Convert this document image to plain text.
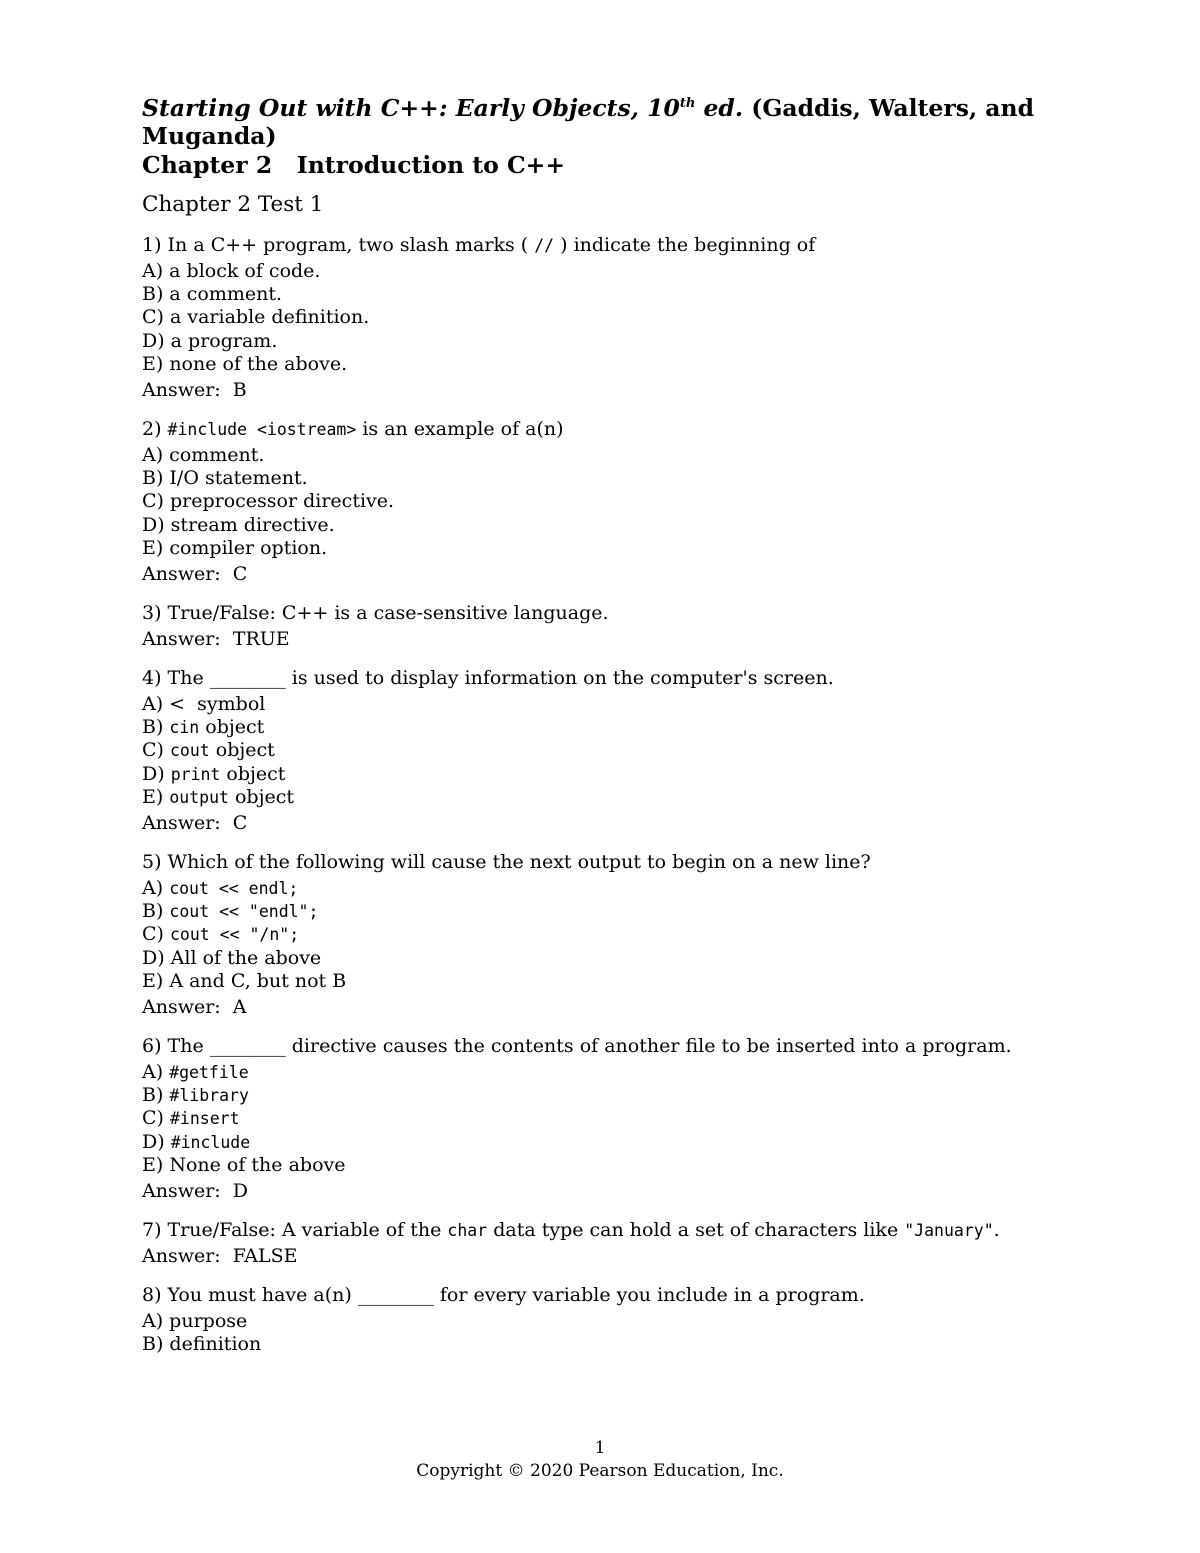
Starting Out with C++: Early Objects, 10th ed. (Gaddis, Walters, and Muganda)
Chapter 2   Introduction to C++
Chapter 2 Test 1
1) In a C++ program, two slash marks ( // ) indicate the beginning of
A) a block of code.
B) a comment.
C) a variable definition.
D) a program.
E) none of the above.
Answer:  B
2) #include <iostream> is an example of a(n)
A) comment.
B) I/O statement.
C) preprocessor directive.
D) stream directive.
E) compiler option.
Answer:  C
3) True/False: C++ is a case-sensitive language.
Answer:  TRUE
4) The ________ is used to display information on the computer's screen.
A) <  symbol
B) cin object
C) cout object
D) print object
E) output object
Answer:  C
5) Which of the following will cause the next output to begin on a new line?
A) cout << endl;
B) cout << "endl";
C) cout << "/n";
D) All of the above
E) A and C, but not B
Answer:  A
6) The ________ directive causes the contents of another file to be inserted into a program.
A) #getfile
B) #library
C) #insert
D) #include
E) None of the above
Answer:  D
7) True/False: A variable of the char data type can hold a set of characters like "January".
Answer:  FALSE
8) You must have a(n) ________ for every variable you include in a program.
A) purpose
B) definition
1
Copyright © 2020 Pearson Education, Inc.
